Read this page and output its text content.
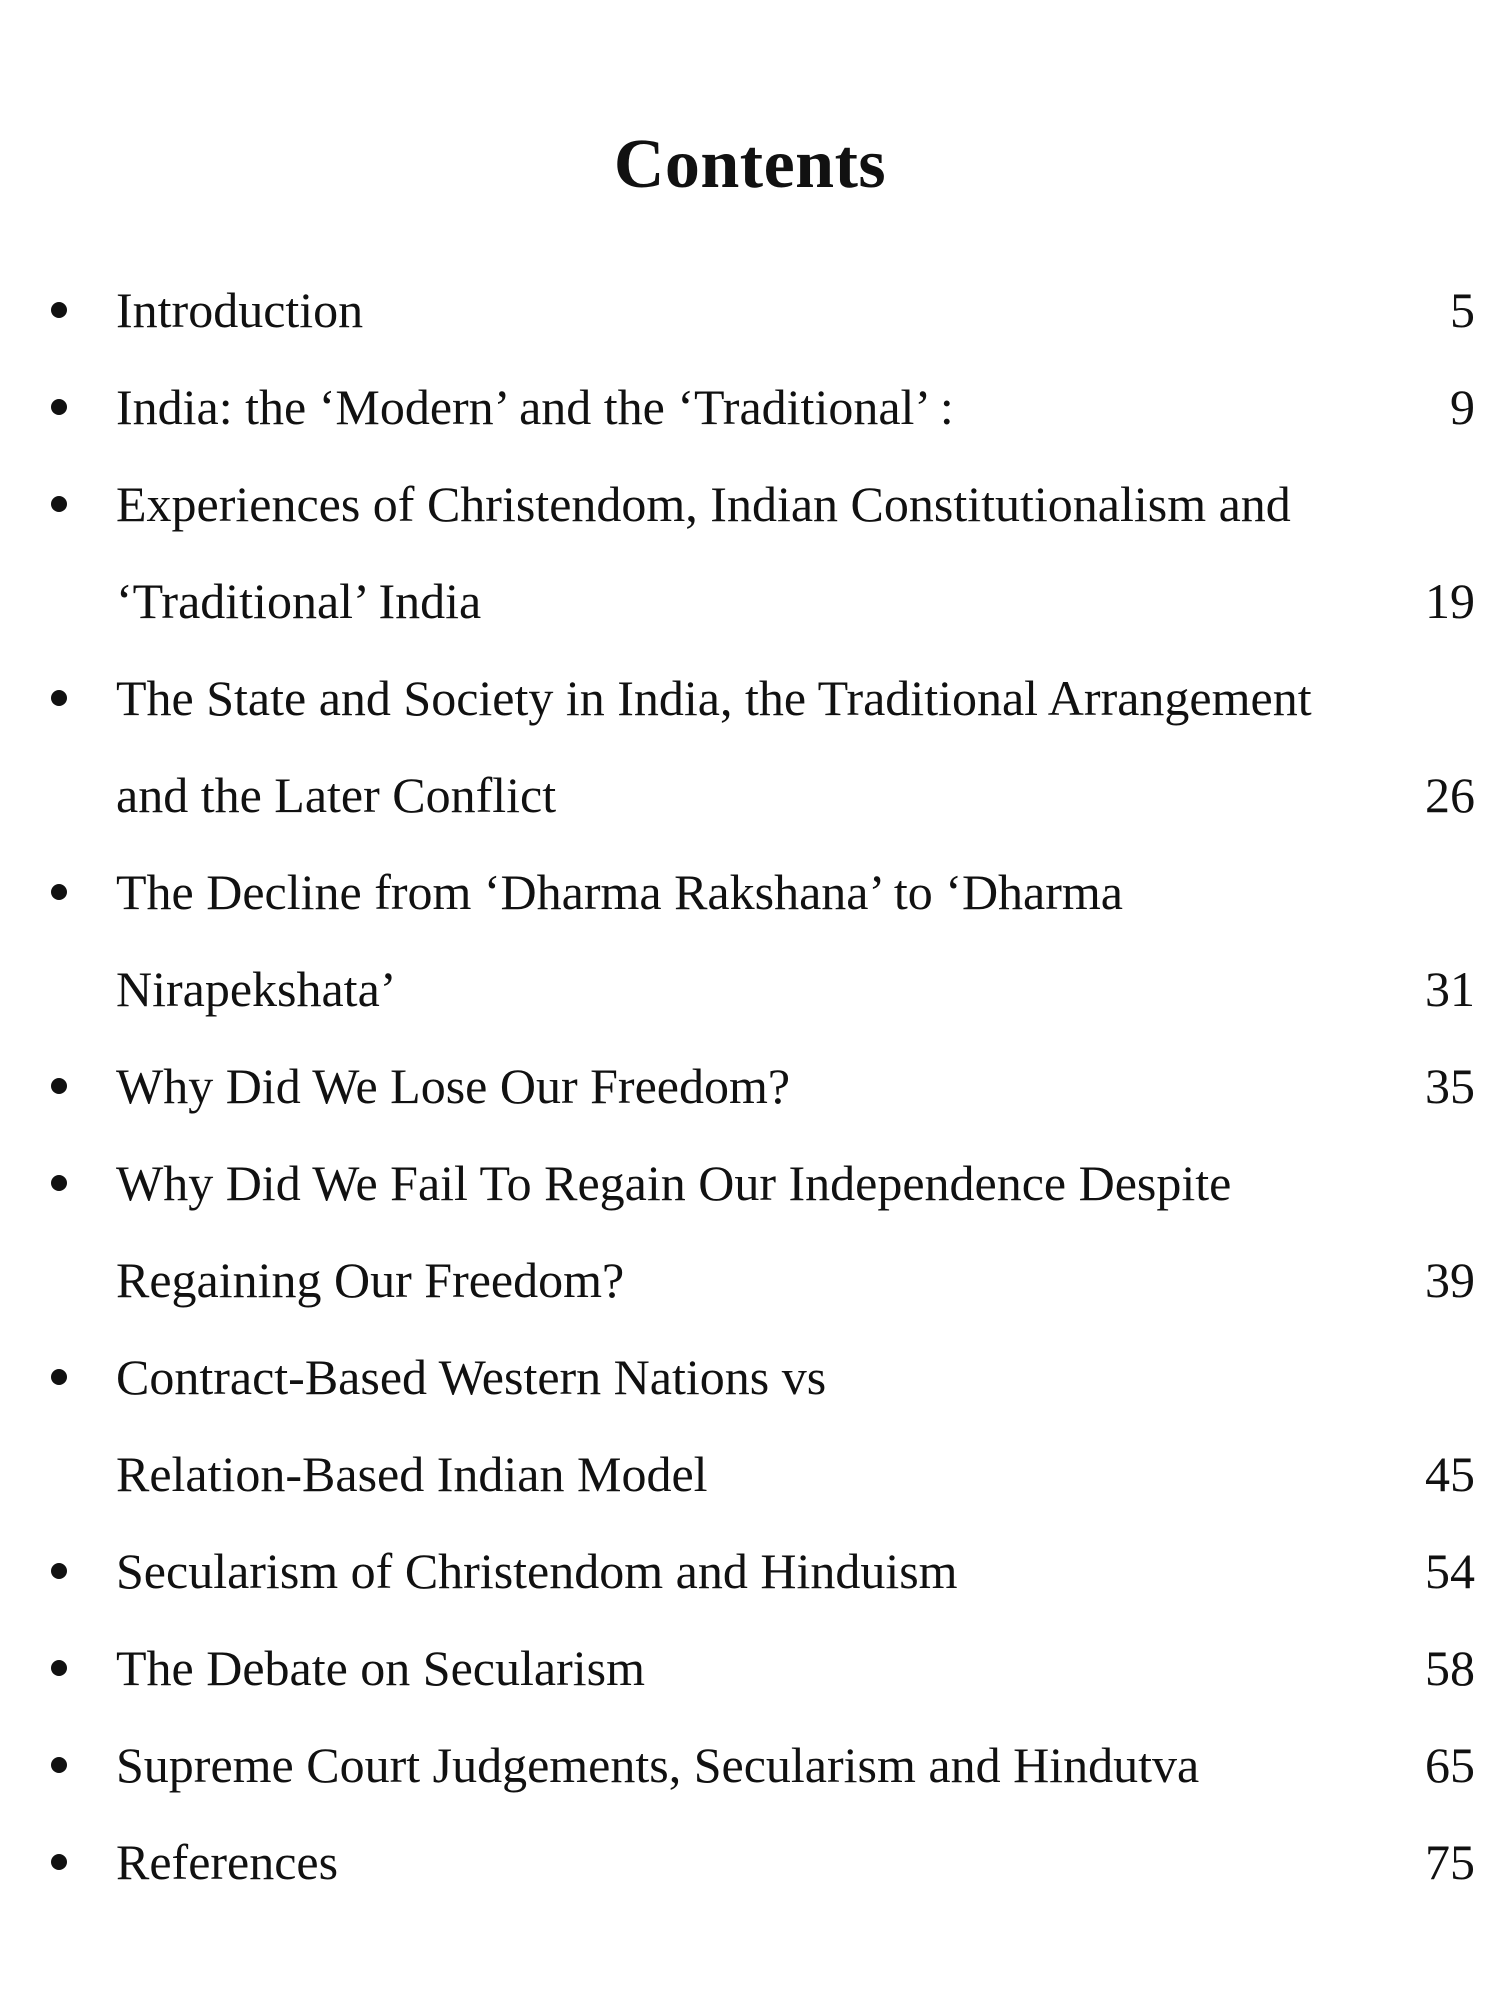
Contents
Introduction	5
India: the ‘Modern’ and the ‘Traditional’ :	9
Experiences of Christendom, Indian Constitutionalism and
‘Traditional’ India	19
The State and Society in India, the Traditional Arrangement
and the Later Conflict	26
The Decline from ‘Dharma Rakshana’ to ‘Dharma
Nirapekshata’	31
Why Did We Lose Our Freedom?	35
Why Did We Fail To Regain Our Independence Despite
Regaining Our Freedom?	39
Contract-Based Western Nations vs
Relation-Based Indian Model	45
Secularism of Christendom and Hinduism	54
The Debate on Secularism	58
Supreme Court Judgements, Secularism and Hindutva	65
References	75
